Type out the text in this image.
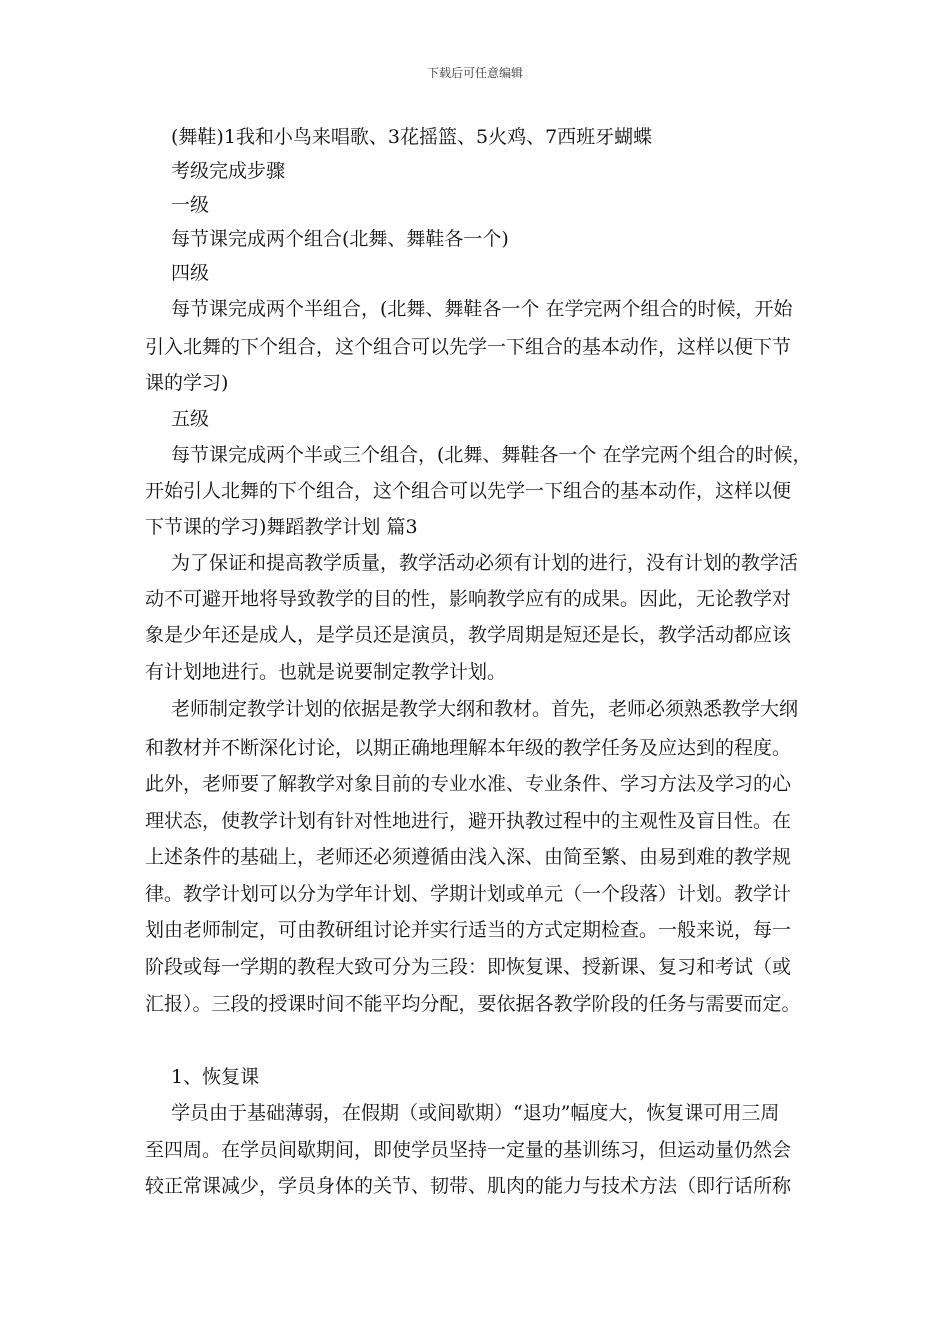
下载后可任意编辑
(舞鞋)1我和小鸟来唱歌、3花摇篮、5火鸡、7西班牙蝴蝶
考级完成步骤
一级
每节课完成两个组合(北舞、舞鞋各一个)
四级
每节课完成两个半组合，(北舞、舞鞋各一个 在学完两个组合的时候，开始
引入北舞的下个组合，这个组合可以先学一下组合的基本动作，这样以便下节
课的学习)
五级
每节课完成两个半或三个组合，(北舞、舞鞋各一个 在学完两个组合的时候，
开始引人北舞的下个组合，这个组合可以先学一下组合的基本动作，这样以便
下节课的学习)舞蹈教学计划 篇3
为了保证和提高教学质量，教学活动必须有计划的进行，没有计划的教学活
动不可避开地将导致教学的目的性，影响教学应有的成果。因此，无论教学对
象是少年还是成人，是学员还是演员，教学周期是短还是长，教学活动都应该
有计划地进行。也就是说要制定教学计划。
老师制定教学计划的依据是教学大纲和教材。首先，老师必须熟悉教学大纲
和教材并不断深化讨论，以期正确地理解本年级的教学任务及应达到的程度。
此外，老师要了解教学对象目前的专业水准、专业条件、学习方法及学习的心
理状态，使教学计划有针对性地进行，避开执教过程中的主观性及盲目性。在
上述条件的基础上，老师还必须遵循由浅入深、由简至繁、由易到难的教学规
律。教学计划可以分为学年计划、学期计划或单元（一个段落）计划。教学计
划由老师制定，可由教研组讨论并实行适当的方式定期检查。一般来说，每一
阶段或每一学期的教程大致可分为三段：即恢复课、授新课、复习和考试（或
汇报）。三段的授课时间不能平均分配，要依据各教学阶段的任务与需要而定。
1、恢复课
学员由于基础薄弱，在假期（或间歇期）“退功”幅度大，恢复课可用三周
至四周。在学员间歇期间，即使学员坚持一定量的基训练习，但运动量仍然会
较正常课减少，学员身体的关节、韧带、肌肉的能力与技术方法（即行话所称
